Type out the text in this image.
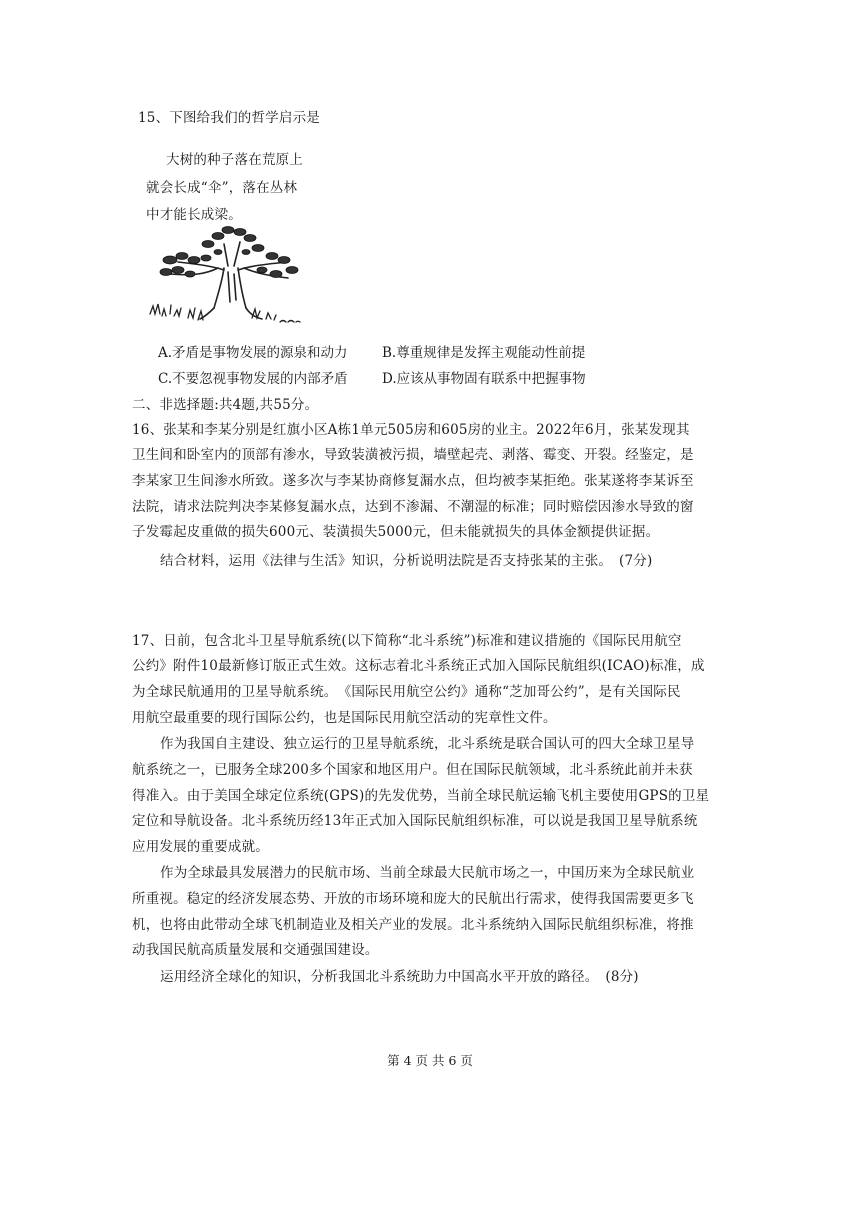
15、下图给我们的哲学启示是
大树的种子落在荒原上
就会长成“伞”，落在丛林
中才能长成梁。
A.矛盾是事物发展的源泉和动力	B.尊重规律是发挥主观能动性前提
C.不要忽视事物发展的内部矛盾	D.应该从事物固有联系中把握事物
二、非选择题:共4题,共55分。
16、张某和李某分别是红旗小区A栋1单元505房和605房的业主。2022年6月，张某发现其
卫生间和卧室内的顶部有渗水，导致装潢被污损，墙壁起壳、剥落、霉变、开裂。经鉴定，是
李某家卫生间渗水所致。遂多次与李某协商修复漏水点，但均被李某拒绝。张某遂将李某诉至
法院，请求法院判决李某修复漏水点，达到不渗漏、不潮湿的标准；同时赔偿因渗水导致的窗
子发霉起皮重做的损失600元、装潢损失5000元，但未能就损失的具体金额提供证据。
结合材料，运用《法律与生活》知识，分析说明法院是否支持张某的主张。　(7分)
17、日前，包含北斗卫星导航系统(以下简称“北斗系统”)标准和建议措施的《国际民用航空
公约》附件10最新修订版正式生效。这标志着北斗系统正式加入国际民航组织(ICAO)标准，成
为全球民航通用的卫星导航系统。　《国际民用航空公约》通称“芝加哥公约”，是有关国际民
用航空最重要的现行国际公约，也是国际民用航空活动的宪章性文件。
作为我国自主建设、独立运行的卫星导航系统，北斗系统是联合国认可的四大全球卫星导
航系统之一，已服务全球200多个国家和地区用户。但在国际民航领域，北斗系统此前并未获
得准入。由于美国全球定位系统(GPS)的先发优势，当前全球民航运输飞机主要使用GPS的卫星
定位和导航设备。北斗系统历经13年正式加入国际民航组织标准，可以说是我国卫星导航系统
应用发展的重要成就。
作为全球最具发展潜力的民航市场、当前全球最大民航市场之一，中国历来为全球民航业
所重视。稳定的经济发展态势、开放的市场环境和庞大的民航出行需求，使得我国需要更多飞
机，也将由此带动全球飞机制造业及相关产业的发展。北斗系统纳入国际民航组织标准，将推
动我国民航高质量发展和交通强国建设。
运用经济全球化的知识，分析我国北斗系统助力中国高水平开放的路径。　(8分)
第 4 页 共 6 页
